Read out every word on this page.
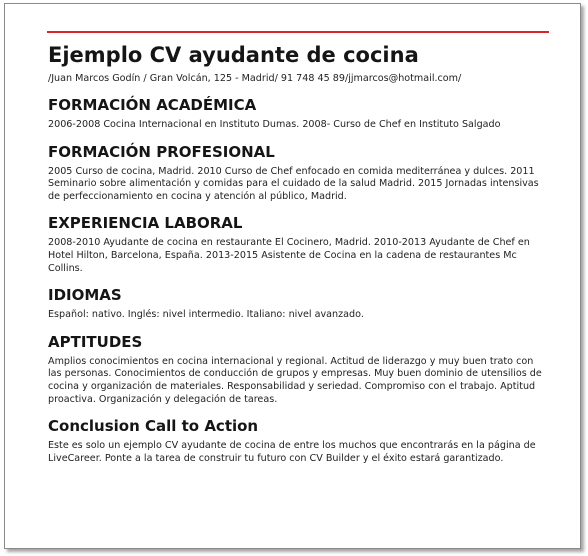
Ejemplo CV ayudante de cocina
/Juan Marcos Godín / Gran Volcán, 125 - Madrid/ 91 748 45 89/jjmarcos@hotmail.com/
FORMACIÓN ACADÉMICA

2006-2008 Cocina Internacional en Instituto Dumas. 2008- Curso de Chef en Instituto Salgado

FORMACIÓN PROFESIONAL

2005 Curso de cocina, Madrid. 2010 Curso de Chef enfocado en comida mediterránea y dulces. 2011 Seminario sobre alimentación y comidas para el cuidado de la salud Madrid. 2015 Jornadas intensivas de perfeccionamiento en cocina y atención al público, Madrid.

EXPERIENCIA LABORAL

2008-2010 Ayudante de cocina en restaurante El Cocinero, Madrid. 2010-2013 Ayudante de Chef en Hotel Hilton, Barcelona, España. 2013-2015 Asistente de Cocina en la cadena de restaurantes Mc Collins.

IDIOMAS

Español: nativo. Inglés: nivel intermedio. Italiano: nivel avanzado.

APTITUDES

Amplios conocimientos en cocina internacional y regional. Actitud de liderazgo y muy buen trato con las personas. Conocimientos de conducción de grupos y empresas. Muy buen dominio de utensilios de cocina y organización de materiales. Responsabilidad y seriedad. Compromiso con el trabajo. Aptitud proactiva. Organización y delegación de tareas.

Conclusion Call to Action

Este es solo un ejemplo CV ayudante de cocina de entre los muchos que encontrarás en la página de LiveCareer. Ponte a la tarea de construir tu futuro con CV Builder y el éxito estará garantizado.
